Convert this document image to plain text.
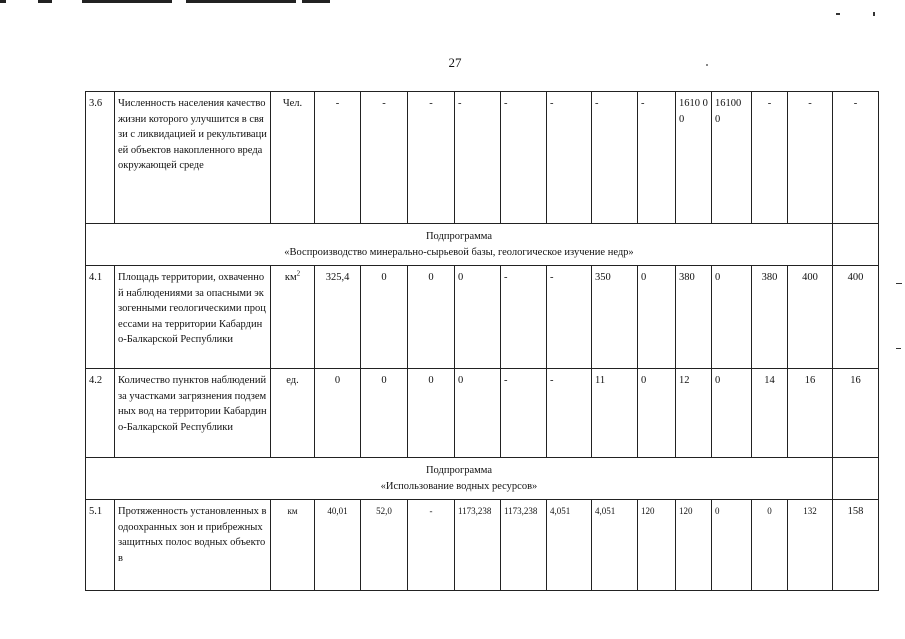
27
3.6	Численность населения качество жизни которого улучшится в связи с ликвидацией и рекультивацией объектов накопленного вреда окружающей среде	Чел.	-	-	-	-	-	-	-	-	1610 00	16100 0	-	-	-

Подпрограмма
«Воспроизводство минерально-сырьевой базы, геологическое изучение недр»															

4.1	Площадь территории, охваченной наблюдениями за опасными экзогенными геологическими процессами на территории Кабардино-Балкарской Республики	$км^2$	325,4	0	0	0	-	-	350	0	380	0	380	400	400
4.2	Количество пунктов наблюдений за участками загрязнения подземных вод на территории Кабардино-Балкарской Республики	ед.	0	0	0	0	-	-	11	0	12	0	14	16	16

Подпрограмма
«Использование водных ресурсов»															

5.1	Протяженность установленных водоохранных зон и прибрежных защитных полос водных объектов	км	40,01	52,0	-	1173,238	1173,238	4,051	4,051	120	120	0	0	132	158
